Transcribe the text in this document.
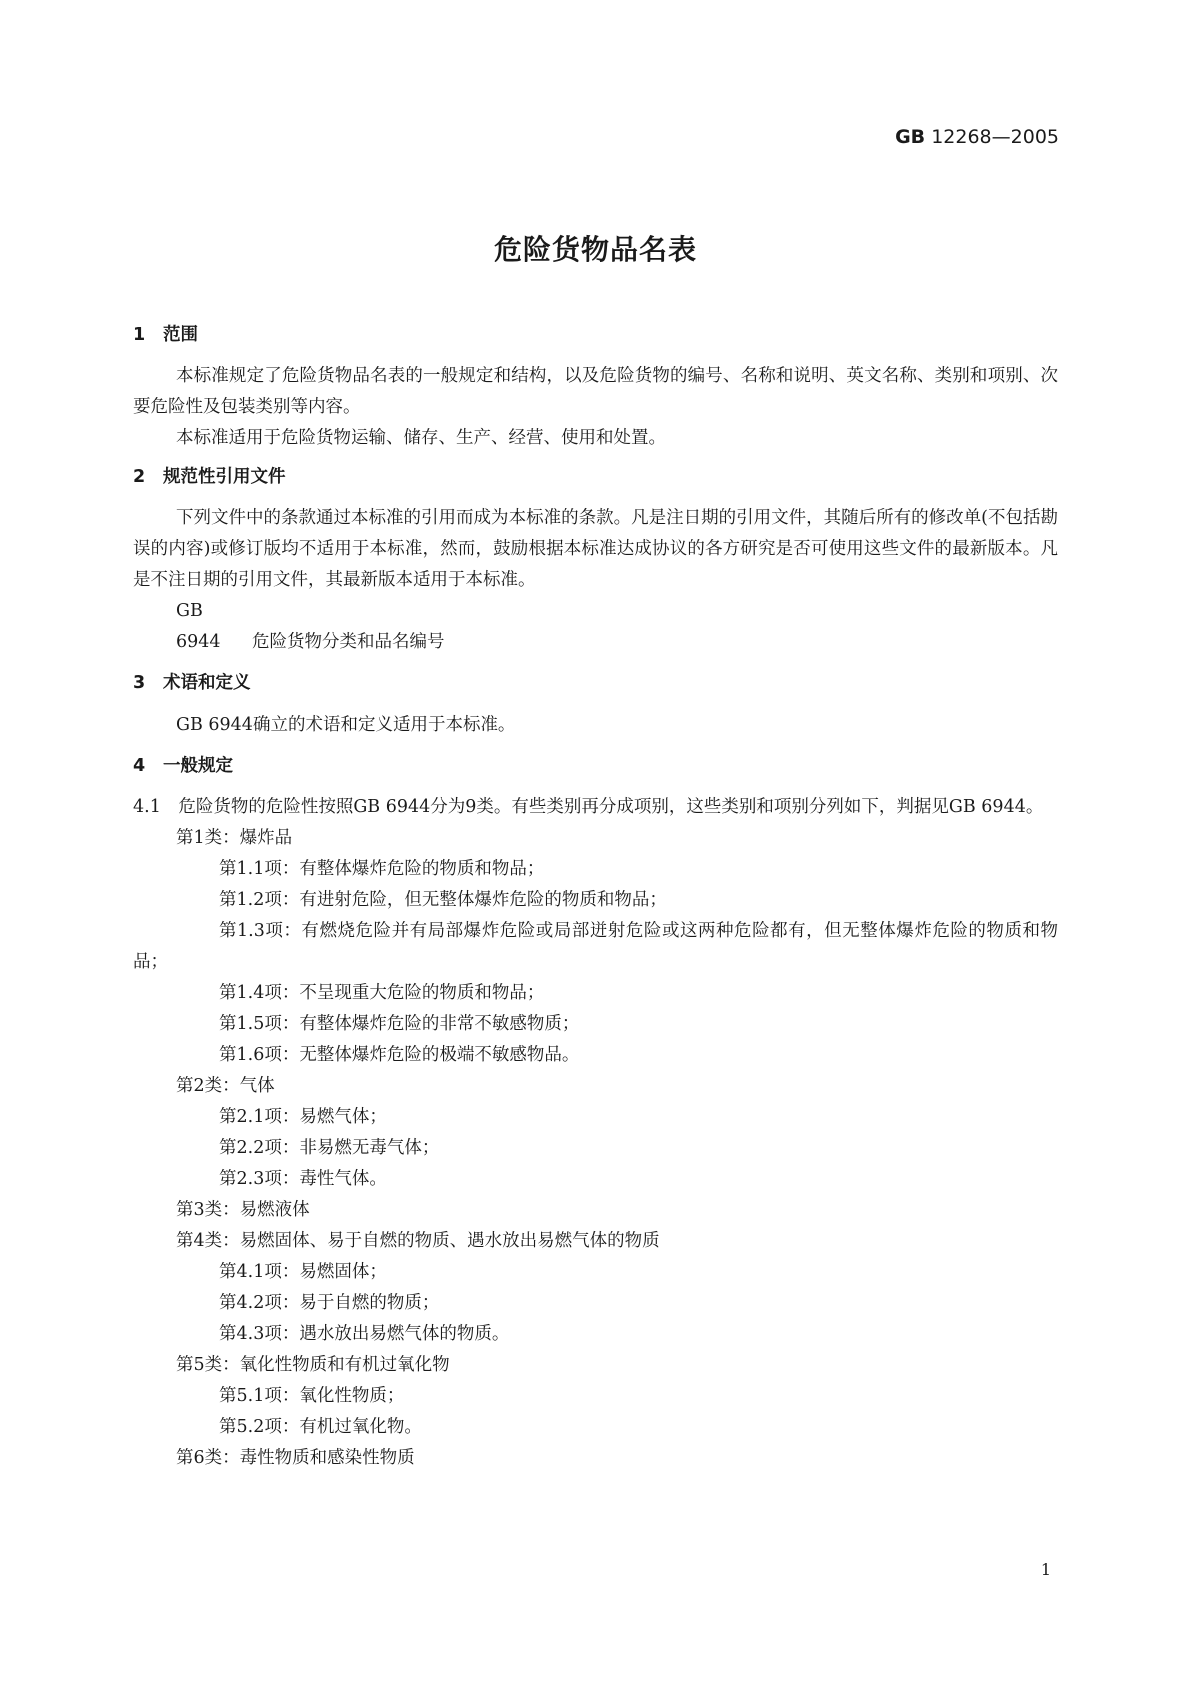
GB 12268—2005
危险货物品名表
1 范围

本标准规定了危险货物品名表的一般规定和结构，以及危险货物的编号、名称和说明、英文名称、类别和项别、次要危险性及包装类别等内容。

本标准适用于危险货物运输、储存、生产、经营、使用和处置。

2 规范性引用文件

下列文件中的条款通过本标准的引用而成为本标准的条款。凡是注日期的引用文件，其随后所有的修改单(不包括勘误的内容)或修订版均不适用于本标准，然而，鼓励根据本标准达成协议的各方研究是否可使用这些文件的最新版本。凡是不注日期的引用文件，其最新版本适用于本标准。

GB 6944 危险货物分类和品名编号
3 术语和定义

GB 6944确立的术语和定义适用于本标准。

4 一般规定

4.1　危险货物的危险性按照GB 6944分为9类。有些类别再分成项别，这些类别和项别分列如下，判据见GB 6944。

第1类：爆炸品
第1.1项：有整体爆炸危险的物质和物品；
第1.2项：有进射危险，但无整体爆炸危险的物质和物品；
第1.3项：有燃烧危险并有局部爆炸危险或局部迸射危险或这两种危险都有，但无整体爆炸危险的物质和物品；
第1.4项：不呈现重大危险的物质和物品；
第1.5项：有整体爆炸危险的非常不敏感物质；
第1.6项：无整体爆炸危险的极端不敏感物品。
第2类：气体
第2.1项：易燃气体；
第2.2项：非易燃无毒气体；
第2.3项：毒性气体。
第3类：易燃液体
第4类：易燃固体、易于自燃的物质、遇水放出易燃气体的物质
第4.1项：易燃固体；
第4.2项：易于自燃的物质；
第4.3项：遇水放出易燃气体的物质。
第5类：氧化性物质和有机过氧化物
第5.1项：氧化性物质；
第5.2项：有机过氧化物。
第6类：毒性物质和感染性物质
1
